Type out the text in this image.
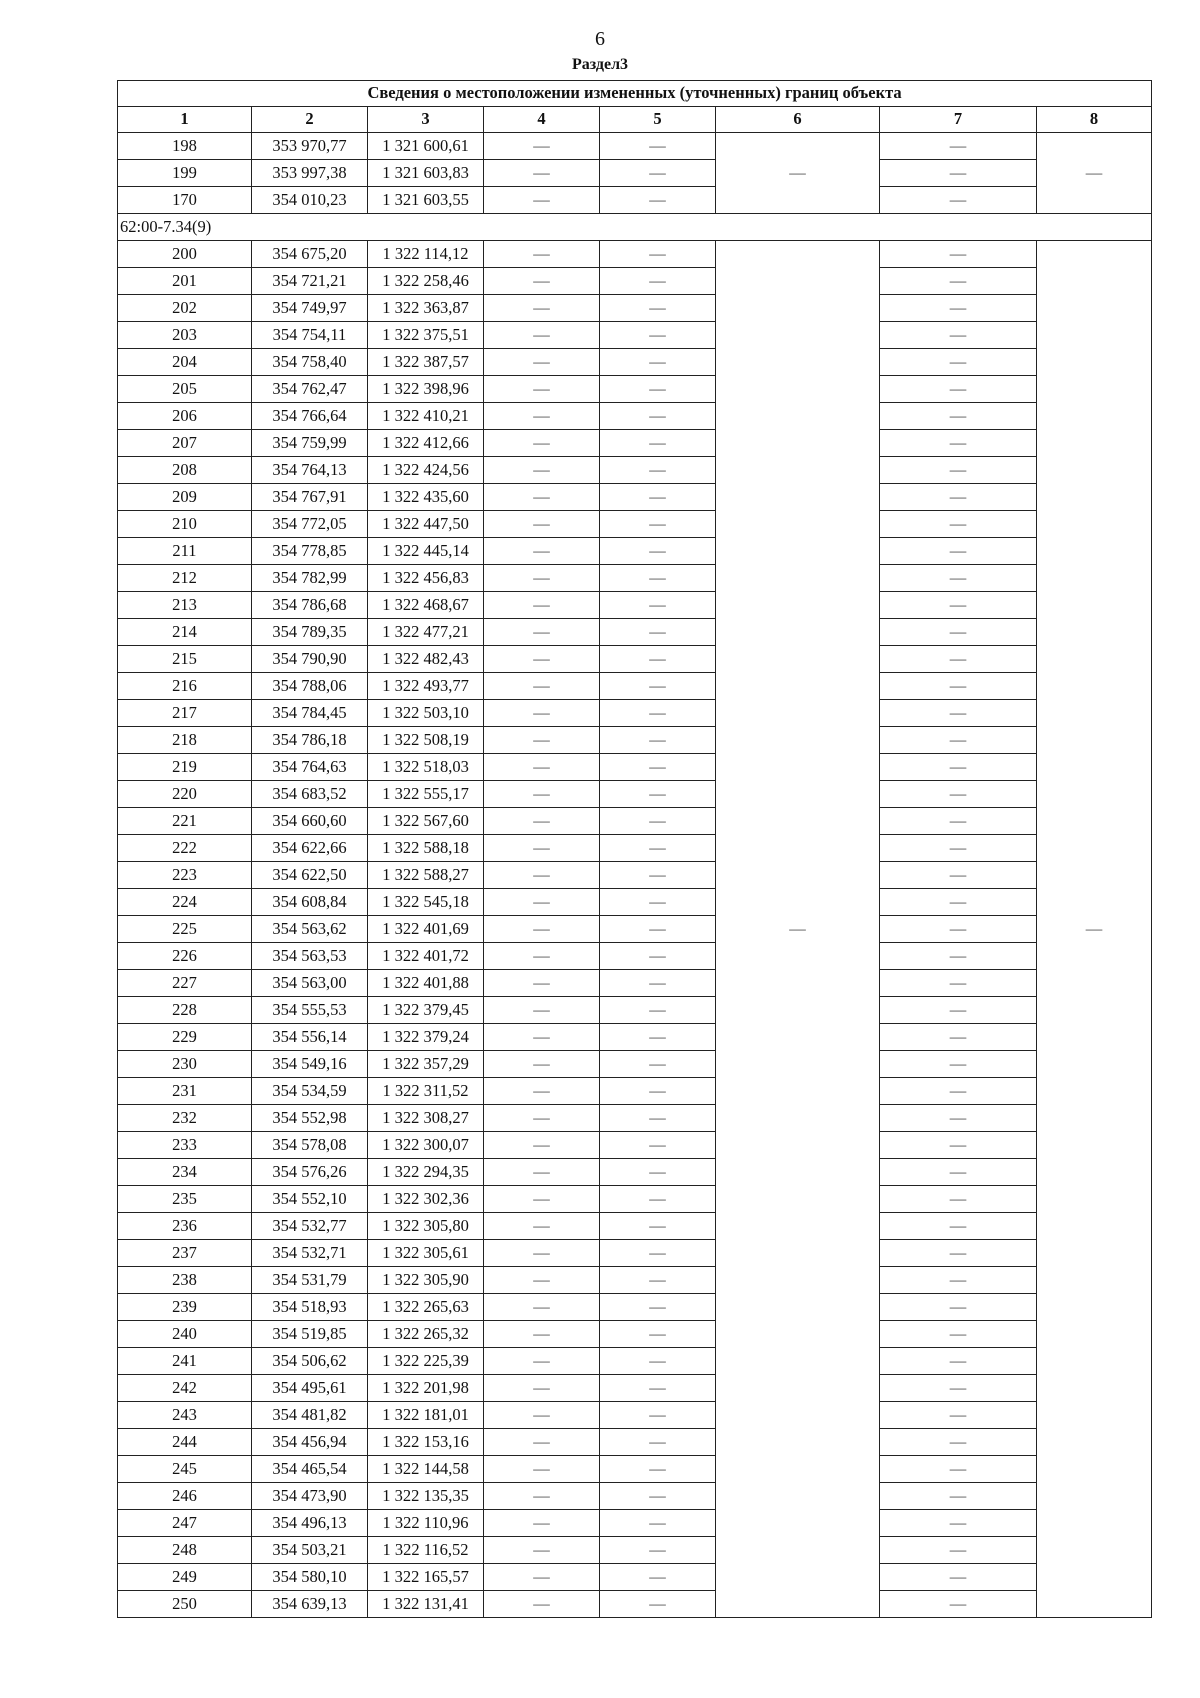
6
Раздел3
Сведения о местоположении измененных (уточненных) границ объекта							
1	2	3	4	5	6	7	8
198	353 970,77	1 321 600,61	—	—	—	—	—
199	353 997,38	1 321 603,83	—	—		—	
170	354 010,23	1 321 603,55	—	—		—	
62:00-7.34(9)							
200	354 675,20	1 322 114,12	—	—	—	—	—
201	354 721,21	1 322 258,46	—	—		—	
202	354 749,97	1 322 363,87	—	—		—	
203	354 754,11	1 322 375,51	—	—		—	
204	354 758,40	1 322 387,57	—	—		—	
205	354 762,47	1 322 398,96	—	—		—	
206	354 766,64	1 322 410,21	—	—		—	
207	354 759,99	1 322 412,66	—	—		—	
208	354 764,13	1 322 424,56	—	—		—	
209	354 767,91	1 322 435,60	—	—		—	
210	354 772,05	1 322 447,50	—	—		—	
211	354 778,85	1 322 445,14	—	—		—	
212	354 782,99	1 322 456,83	—	—		—	
213	354 786,68	1 322 468,67	—	—		—	
214	354 789,35	1 322 477,21	—	—		—	
215	354 790,90	1 322 482,43	—	—		—	
216	354 788,06	1 322 493,77	—	—		—	
217	354 784,45	1 322 503,10	—	—		—	
218	354 786,18	1 322 508,19	—	—		—	
219	354 764,63	1 322 518,03	—	—		—	
220	354 683,52	1 322 555,17	—	—		—	
221	354 660,60	1 322 567,60	—	—		—	
222	354 622,66	1 322 588,18	—	—		—	
223	354 622,50	1 322 588,27	—	—		—	
224	354 608,84	1 322 545,18	—	—		—	
225	354 563,62	1 322 401,69	—	—		—	
226	354 563,53	1 322 401,72	—	—		—	
227	354 563,00	1 322 401,88	—	—		—	
228	354 555,53	1 322 379,45	—	—		—	
229	354 556,14	1 322 379,24	—	—		—	
230	354 549,16	1 322 357,29	—	—		—	
231	354 534,59	1 322 311,52	—	—		—	
232	354 552,98	1 322 308,27	—	—		—	
233	354 578,08	1 322 300,07	—	—		—	
234	354 576,26	1 322 294,35	—	—		—	
235	354 552,10	1 322 302,36	—	—		—	
236	354 532,77	1 322 305,80	—	—		—	
237	354 532,71	1 322 305,61	—	—		—	
238	354 531,79	1 322 305,90	—	—		—	
239	354 518,93	1 322 265,63	—	—		—	
240	354 519,85	1 322 265,32	—	—		—	
241	354 506,62	1 322 225,39	—	—		—	
242	354 495,61	1 322 201,98	—	—		—	
243	354 481,82	1 322 181,01	—	—		—	
244	354 456,94	1 322 153,16	—	—		—	
245	354 465,54	1 322 144,58	—	—		—	
246	354 473,90	1 322 135,35	—	—		—	
247	354 496,13	1 322 110,96	—	—		—	
248	354 503,21	1 322 116,52	—	—		—	
249	354 580,10	1 322 165,57	—	—		—	
250	354 639,13	1 322 131,41	—	—		—	
